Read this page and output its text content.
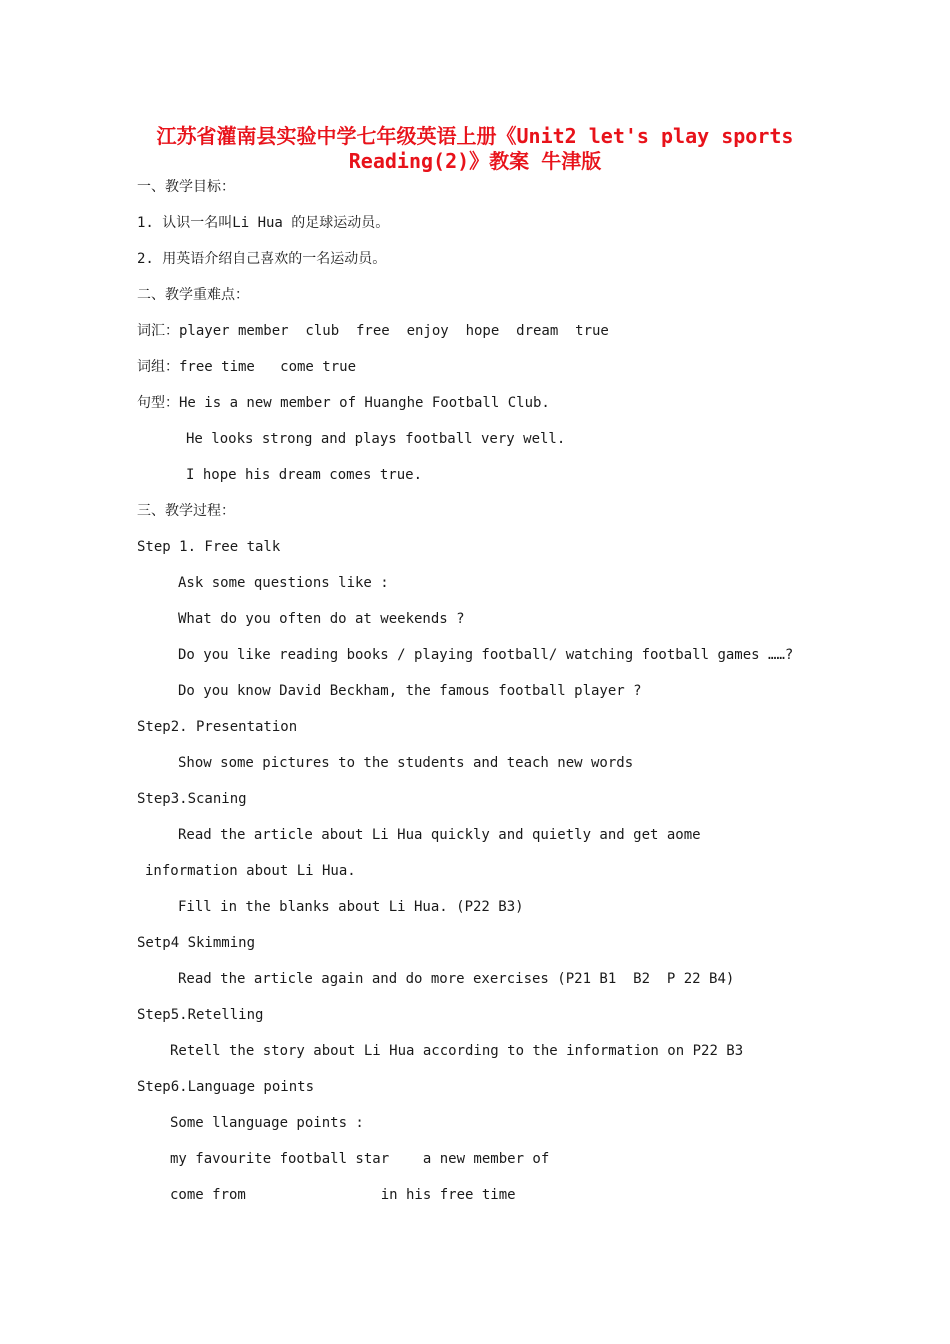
江苏省灌南县实验中学七年级英语上册《Unit2 let's play sports
Reading(2)》教案 牛津版
一、教学目标：
1. 认识一名叫Li Hua 的足球运动员。
2. 用英语介绍自己喜欢的一名运动员。
二、教学重难点：
词汇：player member  club  free  enjoy  hope  dream  true
词组：free time   come true
句型：He is a new member of Huanghe Football Club.
He looks strong and plays football very well.
I hope his dream comes true.
三、教学过程：
Step 1. Free talk
Ask some questions like :
What do you often do at weekends ?
Do you like reading books / playing football/ watching football games ……?
Do you know David Beckham, the famous football player ?
Step2. Presentation
Show some pictures to the students and teach new words
Step3.Scaning
Read the article about Li Hua quickly and quietly and get aome
information about Li Hua.
Fill in the blanks about Li Hua. (P22 B3)
Setp4 Skimming
Read the article again and do more exercises (P21 B1  B2  P 22 B4)
Step5.Retelling
Retell the story about Li Hua according to the information on P22 B3
Step6.Language points
Some llanguage points :
my favourite football star    a new member of
come from                in his free time
